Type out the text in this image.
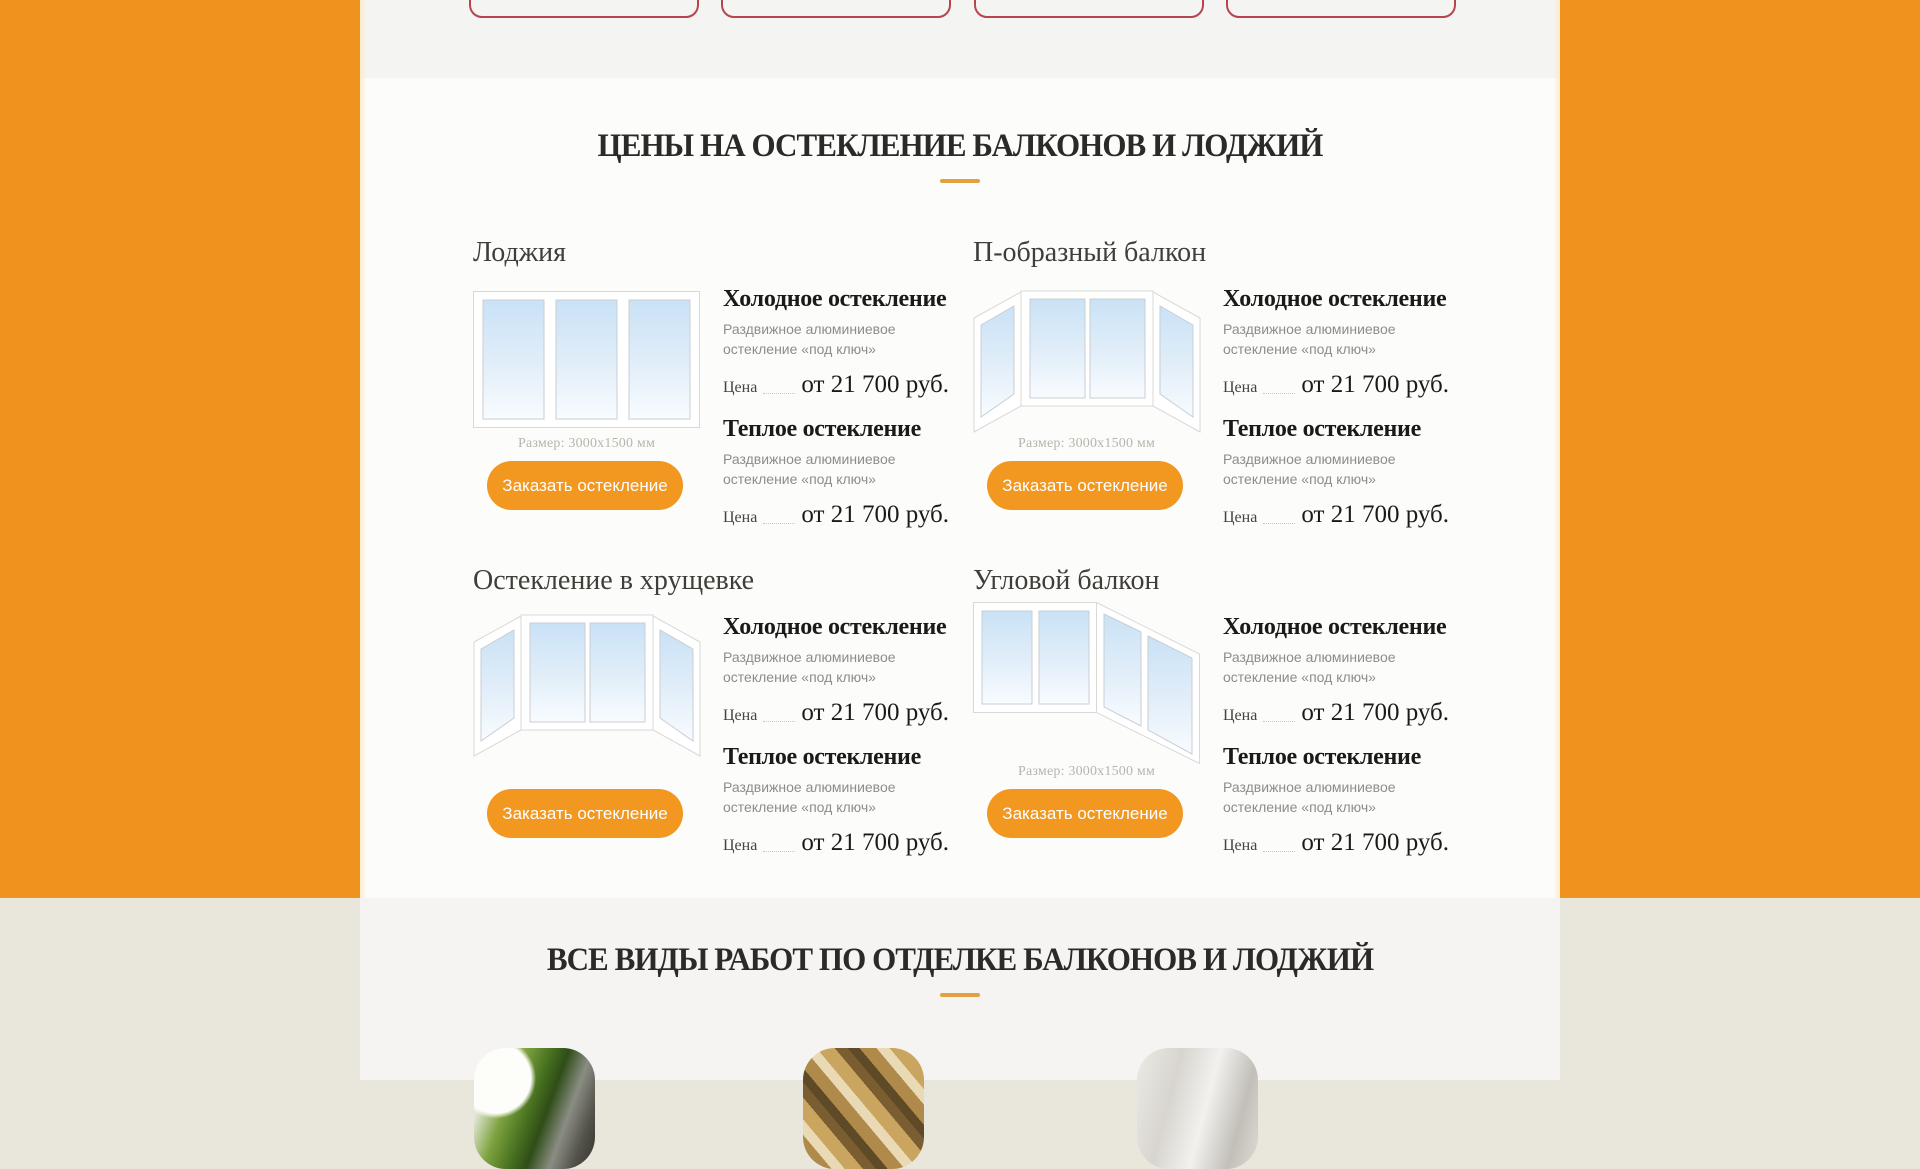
ЦЕНЫ НА ОСТЕКЛЕНИЕ БАЛКОНОВ И ЛОДЖИЙ
Лоджия
Размер: 3000х1500 мм
Заказать остекление
Холодное остекление

Раздвижное алюминиевое остекление «под ключ»

Цена от 21 700 руб.
Теплое остекление

Раздвижное алюминиевое остекление «под ключ»

Цена от 21 700 руб.
П-образный балкон
Размер: 3000х1500 мм
Заказать остекление
Холодное остекление

Раздвижное алюминиевое остекление «под ключ»

Цена от 21 700 руб.
Теплое остекление

Раздвижное алюминиевое остекление «под ключ»

Цена от 21 700 руб.
Остекление в хрущевке
Заказать остекление
Холодное остекление

Раздвижное алюминиевое остекление «под ключ»

Цена от 21 700 руб.
Теплое остекление

Раздвижное алюминиевое остекление «под ключ»

Цена от 21 700 руб.
Угловой балкон
Размер: 3000х1500 мм
Заказать остекление
Холодное остекление

Раздвижное алюминиевое остекление «под ключ»

Цена от 21 700 руб.
Теплое остекление

Раздвижное алюминиевое остекление «под ключ»

Цена от 21 700 руб.
ВСЕ ВИДЫ РАБОТ ПО ОТДЕЛКЕ БАЛКОНОВ И ЛОДЖИЙ
